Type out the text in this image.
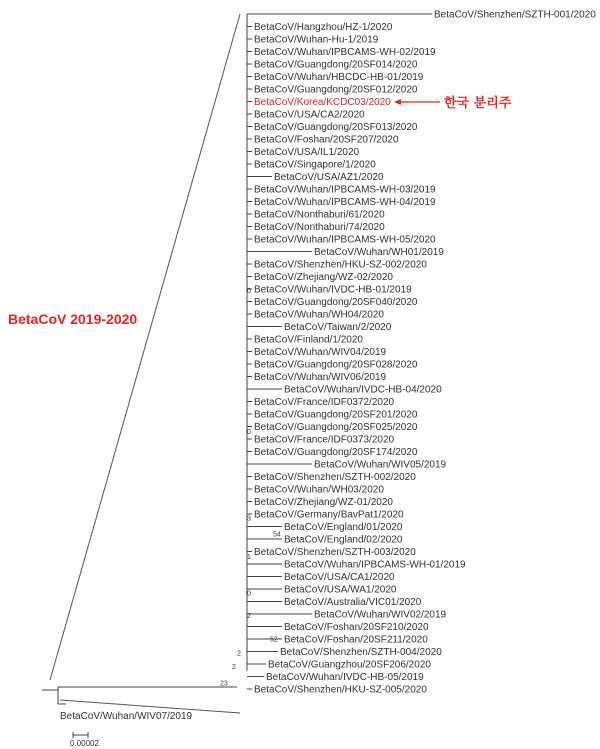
BetaCoV/Wuhan/WIV07/2019
0.00002
BetaCoV 2019-2020
한국 분리주
BetaCoV/Shenzhen/SZTH-001/2020
BetaCoV/Hangzhou/HZ-1/2020
BetaCoV/Wuhan-Hu-1/2019
BetaCoV/Wuhan/IPBCAMS-WH-02/2019
BetaCoV/Guangdong/20SF014/2020
BetaCoV/Wuhan/HBCDC-HB-01/2019
BetaCoV/Guangdong/20SF012/2020
BetaCoV/Korea/KCDC03/2020
BetaCoV/USA/CA2/2020
BetaCoV/Guangdong/20SF013/2020
BetaCoV/Foshan/20SF207/2020
BetaCoV/USA/IL1/2020
BetaCoV/Singapore/1/2020
BetaCoV/USA/AZ1/2020
BetaCoV/Wuhan/IPBCAMS-WH-03/2019
BetaCoV/Wuhan/IPBCAMS-WH-04/2019
BetaCoV/Nonthaburi/61/2020
BetaCoV/Nonthaburi/74/2020
BetaCoV/Wuhan/IPBCAMS-WH-05/2020
BetaCoV/Wuhan/WH01/2019
BetaCoV/Shenzhen/HKU-SZ-002/2020
BetaCoV/Zhejiang/WZ-02/2020
BetaCoV/Wuhan/IVDC-HB-01/2019
BetaCoV/Guangdong/20SF040/2020
BetaCoV/Wuhan/WH04/2020
BetaCoV/Taiwan/2/2020
BetaCoV/Finland/1/2020
BetaCoV/Wuhan/WIV04/2019
BetaCoV/Guangdong/20SF028/2020
BetaCoV/Wuhan/WIV06/2019
BetaCoV/Wuhan/IVDC-HB-04/2020
BetaCoV/France/IDF0372/2020
BetaCoV/Guangdong/20SF201/2020
BetaCoV/Guangdong/20SF025/2020
BetaCoV/France/IDF0373/2020
BetaCoV/Guangdong/20SF174/2020
BetaCoV/Wuhan/WIV05/2019
BetaCoV/Shenzhen/SZTH-002/2020
BetaCoV/Wuhan/WH03/2020
BetaCoV/Zhejiang/WZ-01/2020
BetaCoV/Germany/BavPat1/2020
BetaCoV/England/01/2020
BetaCoV/England/02/2020
BetaCoV/Shenzhen/SZTH-003/2020
BetaCoV/Wuhan/IPBCAMS-WH-01/2019
BetaCoV/USA/CA1/2020
BetaCoV/USA/WA1/2020
BetaCoV/Australia/VIC01/2020
BetaCoV/Wuhan/WIV02/2019
BetaCoV/Foshan/20SF210/2020
BetaCoV/Foshan/20SF211/2020
BetaCoV/Shenzhen/SZTH-004/2020
BetaCoV/Guangzhou/20SF206/2020
BetaCoV/Wuhan/IVDC-HB-05/2019
BetaCoV/Shenzhen/HKU-SZ-005/2020
0
0
3
54
1
0
2
52
2
2
23
